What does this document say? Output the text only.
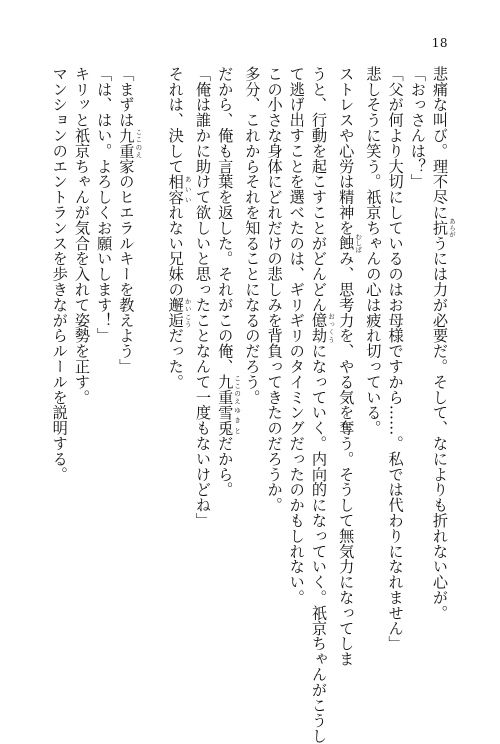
18
悲痛な叫び。理不尽に抗 あらがうには力が必要だ。そして、なによりも折れない心が。
「おっさんは？」
「父が何より大切にしているのはお母様ですから……。私では代わりになれません」
悲しそうに笑う。祇京ちゃんの心は疲れ切っている。
ストレスや心労は精神を蝕 むしばみ、思考力を、やる気を奪う。そうして無気力になってしま
うと、行動を起こすことがどんどん億劫 おっくうになっていく。内向的になっていく。祇京ちゃんがこうし
て逃げ出すことを選べたのは、ギリギリのタイミングだったのかもしれない。
この小さな身体にどれだけの悲しみを背負ってきたのだろうか。
多分、これからそれを知ることになるのだろう。
だから、俺も言葉を返した。それがこの俺、九重 ここのえ雪兎 ゆきとだから。
「俺は誰かに助けて欲しいと思ったことなんて一度もないけどね」
それは、決して相容 あいいれない兄妹の邂逅 かいこうだった。
「まずは九重 ここのえ家のヒエラルキーを教えよう」
「は、はい。よろしくお願いします！」
キリッと祇京ちゃんが気合を入れて姿勢を正す。
マンションのエントランスを歩きながらルールを説明する。
